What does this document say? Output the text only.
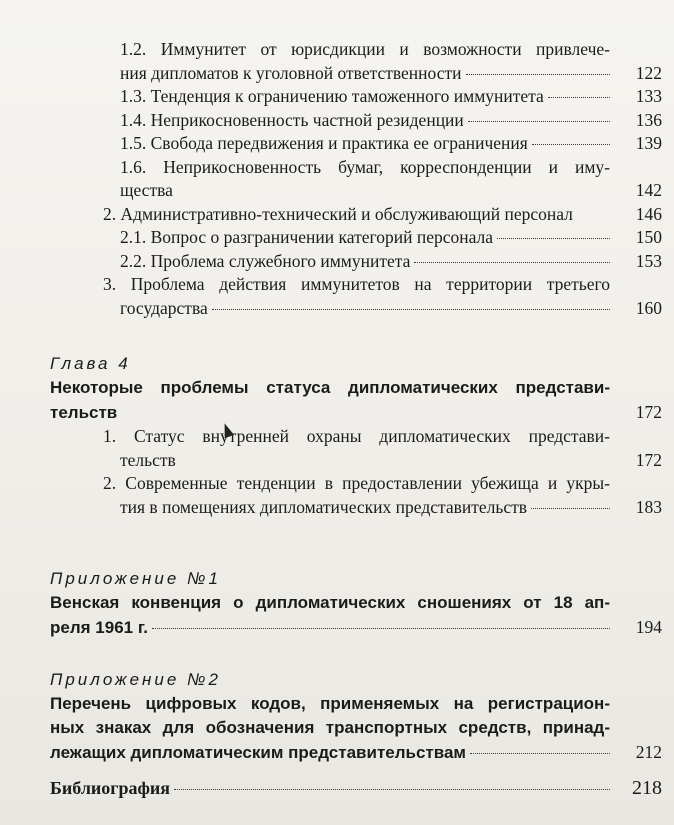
1.2. Иммунитет от юрисдикции и возможности привлече-
ния дипломатов к уголовной ответственности	122
1.3. Тенденция к ограничению таможенного иммунитета	133
1.4. Неприкосновенность частной резиденции	136
1.5. Свобода передвижения и практика ее ограничения	139
1.6. Неприкосновенность бумаг, корреспонденции и иму-
щества	142
2. Административно-технический и обслуживающий персонал	146
2.1. Вопрос о разграничении категорий персонала	150
2.2. Проблема служебного иммунитета	153
3. Проблема действия иммунитетов на территории третьего
государства	160
Глава 4
Некоторые проблемы статуса дипломатических представи-
тельств	172
1. Статус внутренней охраны дипломатических представи-
тельств	172
2. Современные тенденции в предоставлении убежища и укры-
тия в помещениях дипломатических представительств	183
Приложение №1
Венская конвенция о дипломатических сношениях от 18 ап-
реля 1961 г.	194
Приложение №2
Перечень цифровых кодов, применяемых на регистрацион-
ных знаках для обозначения транспортных средств, принад-
лежащих дипломатическим представительствам	212
Библиография	218
